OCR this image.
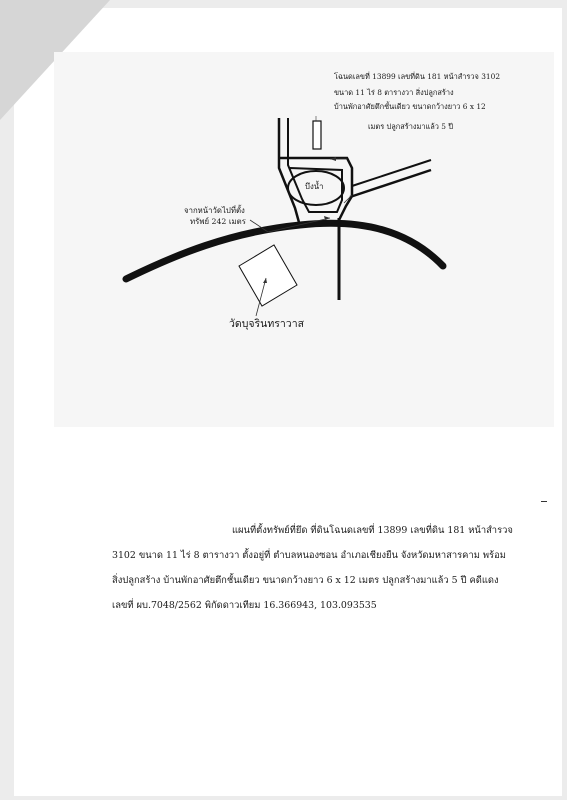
โฉนดเลขที่ 13899 เลขที่ดิน 181 หน้าสำรวจ 3102
ขนาด 11 ไร่ 8 ตารางวา สิ่งปลูกสร้าง
บ้านพักอาศัยตึกชั้นเดียว ขนาดกว้างยาว 6 x 12
เมตร ปลูกสร้างมาแล้ว 5 ปี
บึงน้ำ
จากหน้าวัดไปที่ตั้ง
ทรัพย์ 242 เมตร
วัดบุจรินทราวาส

แผนที่ตั้งทรัพย์ที่ยึด ที่ดินโฉนดเลขที่ 13899 เลขที่ดิน 181 หน้าสำรวจ

3102 ขนาด 11 ไร่ 8 ตารางวา ตั้งอยู่ที่ ตำบลหนองซอน อำเภอเชียงยืน จังหวัดมหาสารคาม พร้อม

สิ่งปลูกสร้าง บ้านพักอาศัยตึกชั้นเดียว ขนาดกว้างยาว 6 x 12 เมตร ปลูกสร้างมาแล้ว 5 ปี คดีแดง

เลขที่ ผบ.7048/2562 พิกัดดาวเทียม 16.366943, 103.093535
